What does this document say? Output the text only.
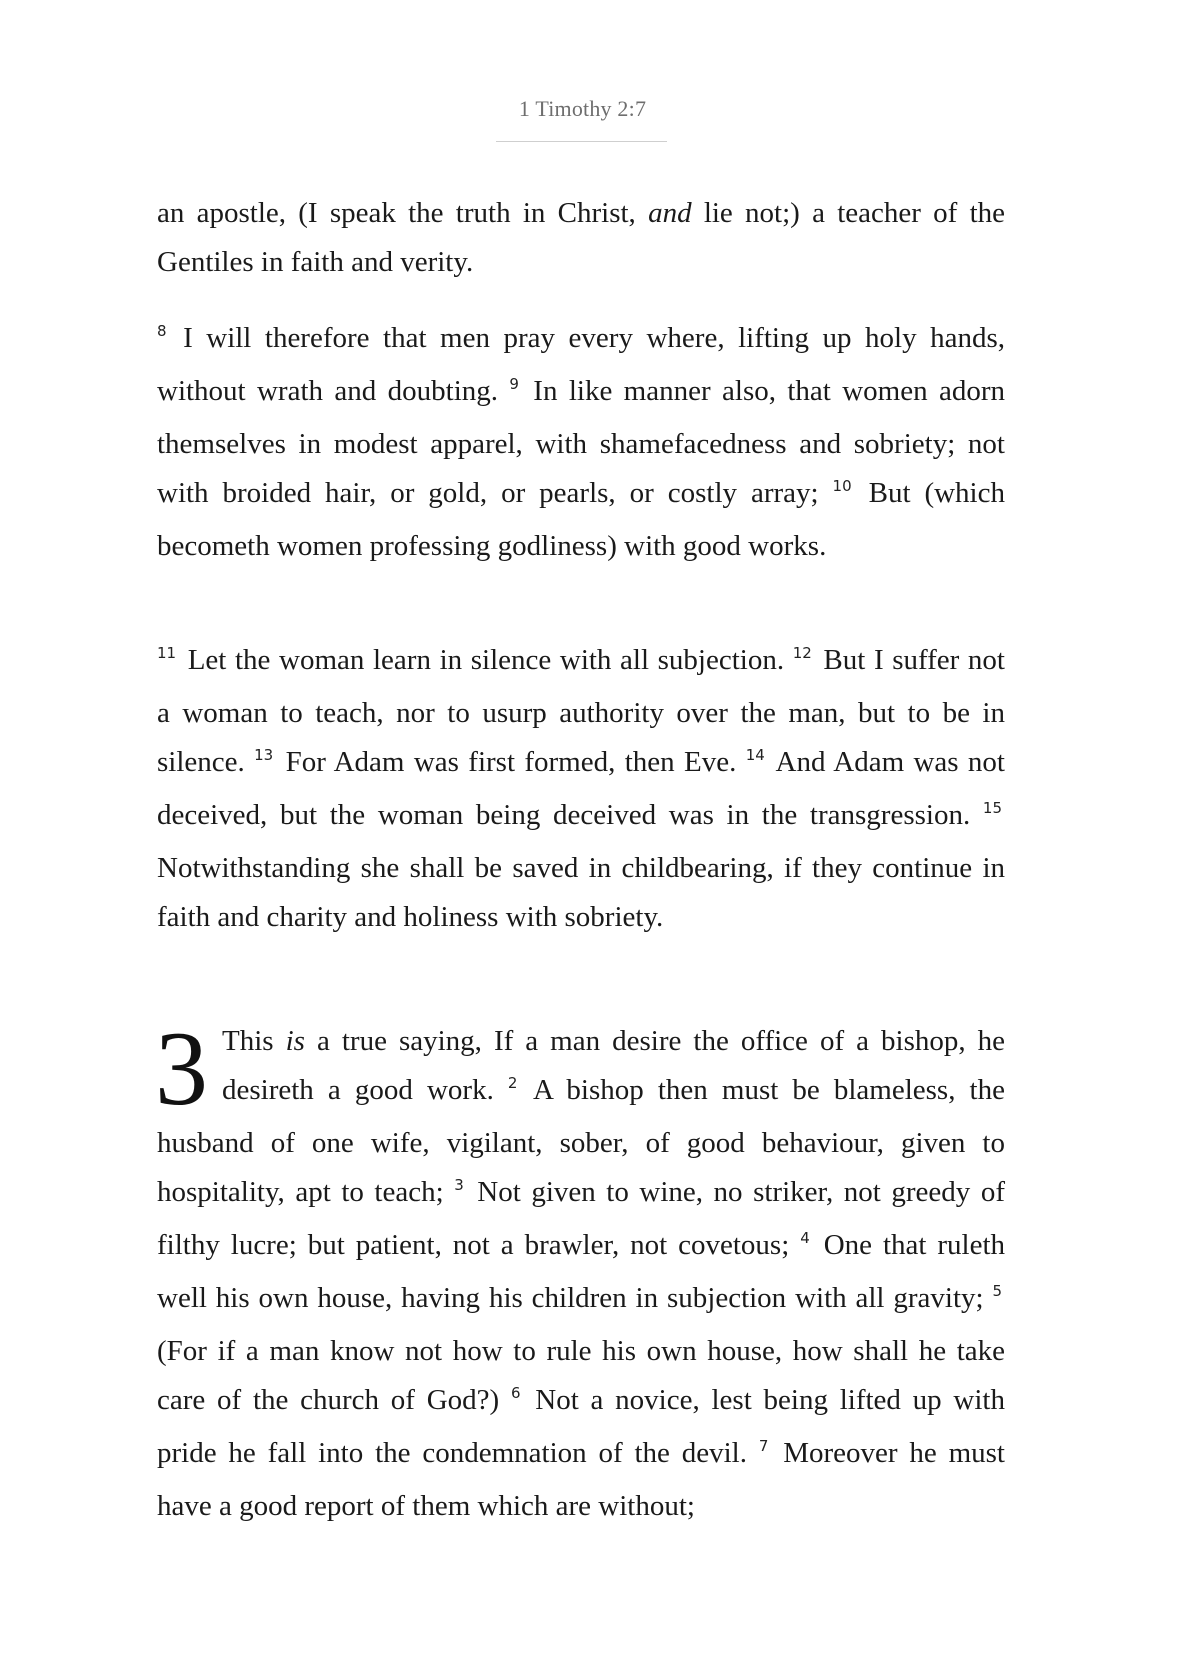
1 Timothy 2:7

an apostle, (I speak the truth in Christ, and lie not;) a teacher of the Gentiles in faith and verity.

$^8$ I will therefore that men pray every where, lifting up holy hands, without wrath and doubting. $^9$ In like manner also, that women adorn themselves in modest apparel, with shamefacedness and sobriety; not with broided hair, or gold, or pearls, or costly array; $^{10}$ But (which becometh women professing godliness) with good works.

$^{11}$ Let the woman learn in silence with all subjection. $^{12}$ But I suffer not a woman to teach, nor to usurp authority over the man, but to be in silence. $^{13}$ For Adam was first formed, then Eve. $^{14}$ And Adam was not deceived, but the woman being deceived was in the transgression. $^{15}$ Notwithstanding she shall be saved in childbearing, if they continue in faith and charity and holiness with sobriety.

3 This is a true saying, If a man desire the office of a bishop, he desireth a good work. $^2$ A bishop then must be blameless, the husband of one wife, vigilant, sober, of good behaviour, given to hospitality, apt to teach; $^3$ Not given to wine, no striker, not greedy of filthy lucre; but patient, not a brawler, not covetous; $^4$ One that ruleth well his own house, having his children in subjection with all gravity; $^5$ (For if a man know not how to rule his own house, how shall he take care of the church of God?) $^6$ Not a novice, lest being lifted up with pride he fall into the condemnation of the devil. $^7$ Moreover he must have a good report of them which are without;
